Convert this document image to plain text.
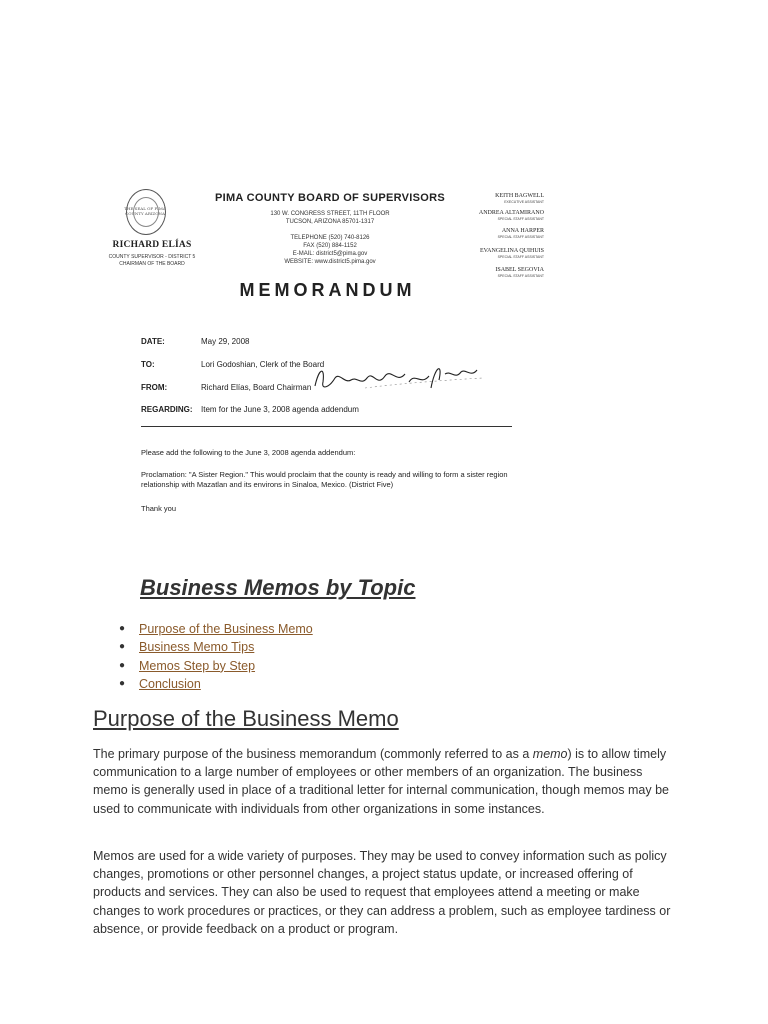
THE SEAL OF PIMA COUNTY ARIZONA
RICHARD ELÍAS
COUNTY SUPERVISOR - DISTRICT 5
CHAIRMAN OF THE BOARD
PIMA COUNTY BOARD OF SUPERVISORS
130 W. CONGRESS STREET, 11TH FLOOR
TUCSON, ARIZONA 85701-1317
TELEPHONE (520) 740-8126
FAX (520) 884-1152
E-MAIL: district5@pima.gov
WEBSITE: www.district5.pima.gov
KEITH BAGWELL
EXECUTIVE ASSISTANT
ANDREA ALTAMIRANO
SPECIAL STAFF ASSISTANT
ANNA HARPER
SPECIAL STAFF ASSISTANT
EVANGELINA QUIHUIS
SPECIAL STAFF ASSISTANT
ISABEL SEGOVIA
SPECIAL STAFF ASSISTANT
MEMORANDUM
DATE:	May 29, 2008
TO:	Lori Godoshian, Clerk of the Board
FROM:	Richard Elías, Board Chairman
REGARDING: Item for the June 3, 2008 agenda addendum
Please add the following to the June 3, 2008 agenda addendum:
Proclamation: "A Sister Region." This would proclaim that the county is ready and willing to form a sister region relationship with Mazatlan and its environs in Sinaloa, Mexico. (District Five)
Thank you
Business Memos by Topic
● Purpose of the Business Memo
● Business Memo Tips
● Memos Step by Step
● Conclusion
Purpose of the Business Memo

The primary purpose of the business memorandum (commonly referred to as a memo) is to allow timely communication to a large number of employees or other members of an organization. The business memo is generally used in place of a traditional letter for internal communication, though memos may be used to communicate with individuals from other organizations in some instances.

Memos are used for a wide variety of purposes. They may be used to convey information such as policy changes, promotions or other personnel changes, a project status update, or increased offering of products and services. They can also be used to request that employees attend a meeting or make changes to work procedures or practices, or they can address a problem, such as employee tardiness or absence, or provide feedback on a product or program.
